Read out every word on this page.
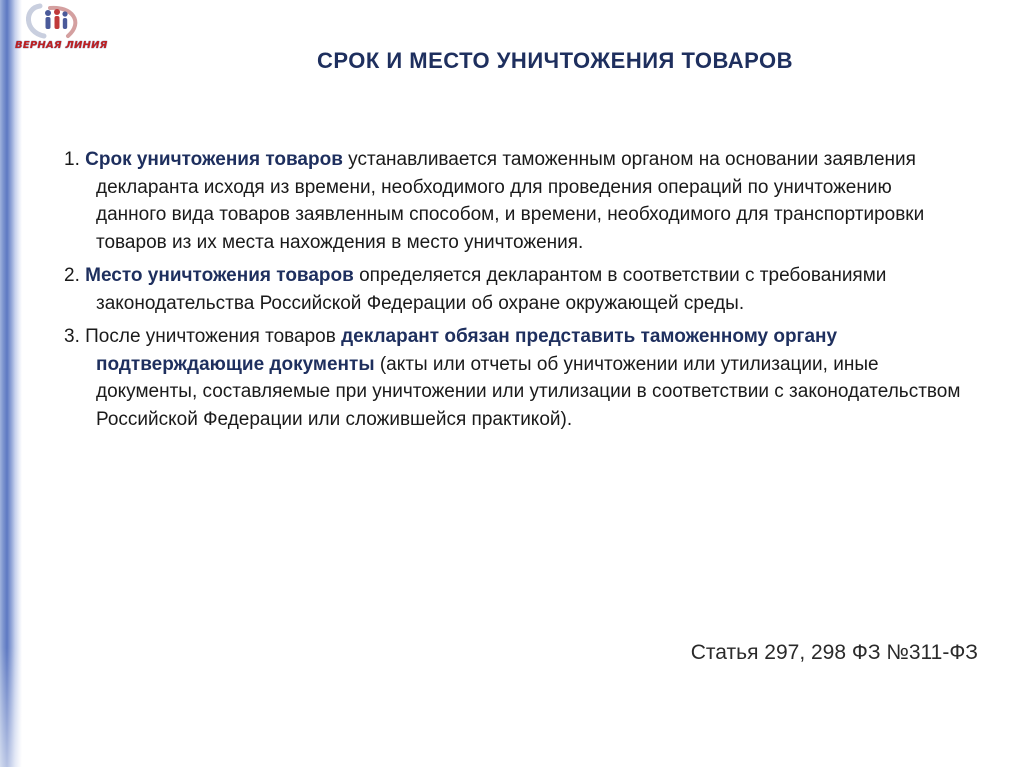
ВЕРНАЯ ЛИНИЯ
СРОК И МЕСТО УНИЧТОЖЕНИЯ ТОВАРОВ
1. Срок уничтожения товаров устанавливается таможенным органом на основании заявления декларанта исходя из времени, необходимого для проведения операций по уничтожению данного вида товаров заявленным способом, и времени, необходимого для транспортировки товаров из их места нахождения в место уничтожения.
2. Место уничтожения товаров определяется декларантом в соответствии с требованиями законодательства Российской Федерации об охране окружающей среды.
3. После уничтожения товаров декларант обязан представить таможенному органу подтверждающие документы (акты или отчеты об уничтожении или утилизации, иные документы, составляемые при уничтожении или утилизации в соответствии с законодательством Российской Федерации или сложившейся практикой).
Статья 297, 298 ФЗ №311-ФЗ
